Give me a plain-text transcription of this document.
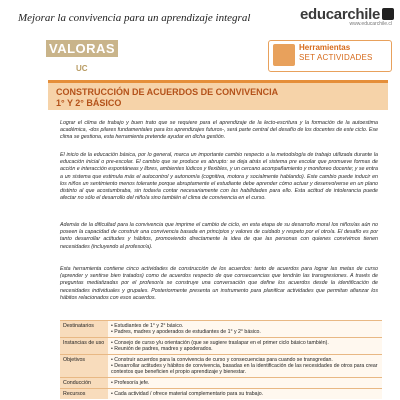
Mejorar la convivencia para un aprendizaje integral	educarchile
www.educarchile.cl
VALORAS
UC
Herramientas
SET ACTIVIDADES
CONSTRUCCIÓN DE ACUERDOS DE CONVIVENCIA
1° Y 2° BÁSICO
Lograr el clima de trabajo y buen trato que se requiere para el aprendizaje de la lecto-escritura y la formación de la autoestima académica, -dos pilares fundamentales para los aprendizajes futuros-, será parte central del desafío de los docentes de este ciclo. Ese clima se gestiona, esta herramienta pretende ayudar en dicha gestión.
El inicio de la educación básica, por lo general, marca un importante cambio respecto a la metodología de trabajo utilizada durante la educación inicial o pre-escolar. El cambio que se produce es abrupto: se deja atrás el sistema pre escolar que promueve formas de acción e interacción espontáneas y libres, ambientes lúdicos y flexibles, y un cercano acompañamiento y monitoreo docente; y se entra a un sistema que estimula más el autocontrol y autonomía (cognitiva, motora y socialmente hablando). Este cambio puede inducir en los niños un sentimiento menos tolerante porque abruptamente el estudiante debe aprender cómo actuar y desenvolverse en un plano distinto al que acostumbraba, sin todavía contar necesariamente con las habilidades para ello. Esta actitud de intolerancia puede afectar no sólo el desarrollo del niño/a sino también el clima de convivencia en el curso.
Además de la dificultad para la convivencia que imprime el cambio de ciclo, en esta etapa de su desarrollo moral los niños/as aún no poseen la capacidad de construir una convivencia basada en principios y valores de cuidado y respeto por el otro/a. El desafío es por tanto desarrollar actitudes y hábitos, promoviendo directamente la idea de que las personas con quienes convivimos tienen necesidades (incluyendo al profesor/a).
Esta herramienta contiene cinco actividades de construcción de los acuerdos: tanto de acuerdos para lograr las metas de curso (aprender y sentirse bien tratados) como de acuerdos respecto de que consecuencias que tendrán las transgresiones. A través de preguntas mediatizadas por el profesor/a se construye una conversación que define los acuerdos desde la identificación de necesidades individuales y grupales. Posteriormente presenta un instrumento para planificar actividades que permitan afianzar los hábitos relacionados con esos acuerdos.
Destinatarios	• Estudiantes de 1° y 2° básico.
• Padres, madres y apoderados de estudiantes de 1° y 2° básico.

Instancias de uso	• Consejo de curso y/u orientación (que se sugiere traslapar en el primer ciclo básico también).
• Reunión de padres, madres y apoderados.

Objetivos	• Construir acuerdos para la convivencia de curso y consecuencias para cuando se transgredan.
• Desarrollar actitudes y hábitos de convivencia, basadas en la identificación de las necesidades de otros para crear contextos que beneficien el propio aprendizaje y bienestar.

Conducción	• Profesor/a jefe.

Recursos	• Cada actividad / ofrece material complementario para su trabajo.
